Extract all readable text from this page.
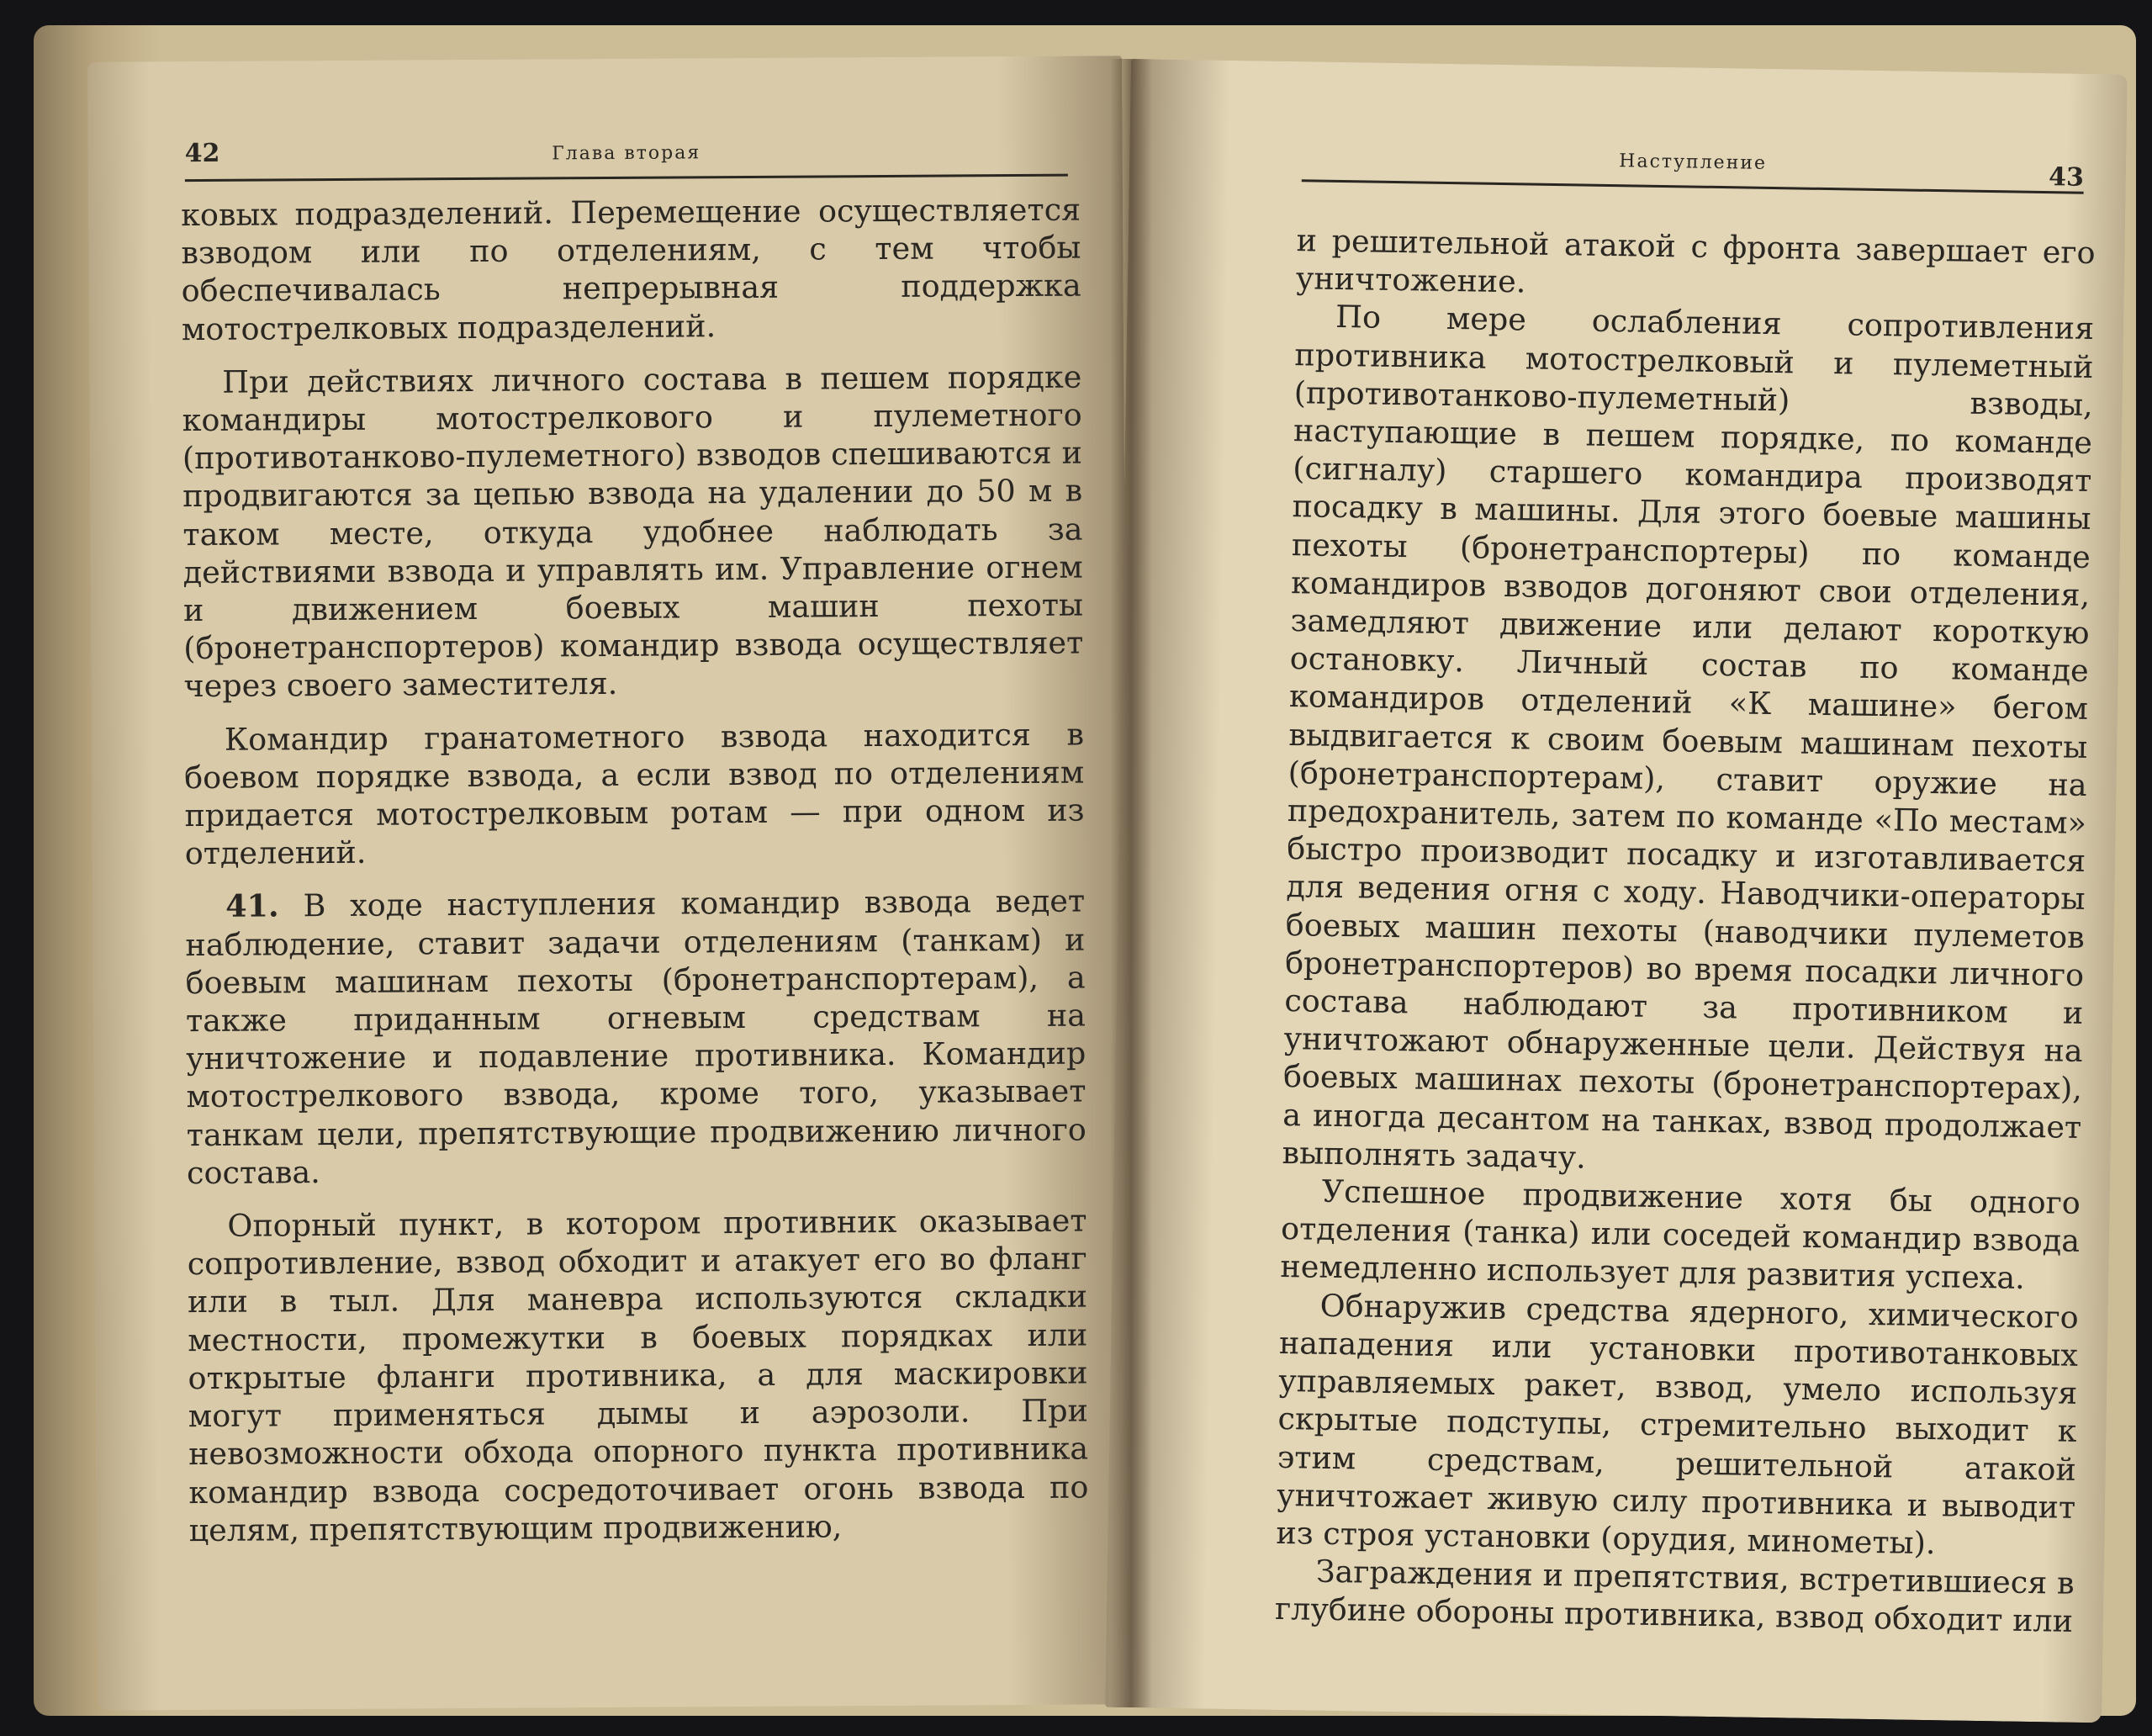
42	Глава вторая

ковых подразделений. Перемещение осуществляется взводом или по отделениям, с тем чтобы обеспечивалась непрерывная поддержка мотострелковых подразделений.

При действиях личного состава в пешем порядке командиры мотострелкового и пулеметного (противотанково-пулеметного) взводов спешиваются и продвигаются за цепью взвода на удалении до 50 м в таком месте, откуда удобнее наблюдать за действиями взвода и управлять им. Управление огнем и движением боевых машин пехоты (бронетранспортеров) командир взвода осуществляет через своего заместителя.

Командир гранатометного взвода находится в боевом порядке взвода, а если взвод по отделениям придается мотострелковым ротам — при одном из отделений.

41. В ходе наступления командир взвода ведет наблюдение, ставит задачи отделениям (танкам) и боевым машинам пехоты (бронетранспортерам), а также приданным огневым средствам на уничтожение и подавление противника. Командир мотострелкового взвода, кроме того, указывает танкам цели, препятствующие продвижению личного состава.

Опорный пункт, в котором противник оказывает сопротивление, взвод обходит и атакует его во фланг или в тыл. Для маневра используются складки местности, промежутки в боевых порядках или открытые фланги противника, а для маскировки могут применяться дымы и аэрозоли. При невозможности обхода опорного пункта противника командир взвода сосредоточивает огонь взвода по целям, препятствующим продвижению,

Наступление
43

и решительной атакой с фронта завершает его уничтожение.

По мере ослабления сопротивления противника мотострелковый и пулеметный (противотанково-пулеметный) взводы, наступающие в пешем порядке, по команде (сигналу) старшего командира производят посадку в машины. Для этого боевые машины пехоты (бронетранспортеры) по команде командиров взводов догоняют свои отделения, замедляют движение или делают короткую остановку. Личный состав по команде командиров отделений «К машине» бегом выдвигается к своим боевым машинам пехоты (бронетранспортерам), ставит оружие на предохранитель, затем по команде «По местам» быстро производит посадку и изготавливается для ведения огня с ходу. Наводчики-операторы боевых машин пехоты (наводчики пулеметов бронетранспортеров) во время посадки личного состава наблюдают за противником и уничтожают обнаруженные цели. Действуя на боевых машинах пехоты (бронетранспортерах), а иногда десантом на танках, взвод продолжает выполнять задачу.

Успешное продвижение хотя бы одного отделения (танка) или соседей командир взвода немедленно использует для развития успеха.

Обнаружив средства ядерного, химического нападения или установки противотанковых управляемых ракет, взвод, умело используя скрытые подступы, стремительно выходит к этим средствам, решительной атакой уничтожает живую силу противника и выводит из строя установки (орудия, минометы).

Заграждения и препятствия, встретившиеся в глубине обороны противника, взвод обходит или
